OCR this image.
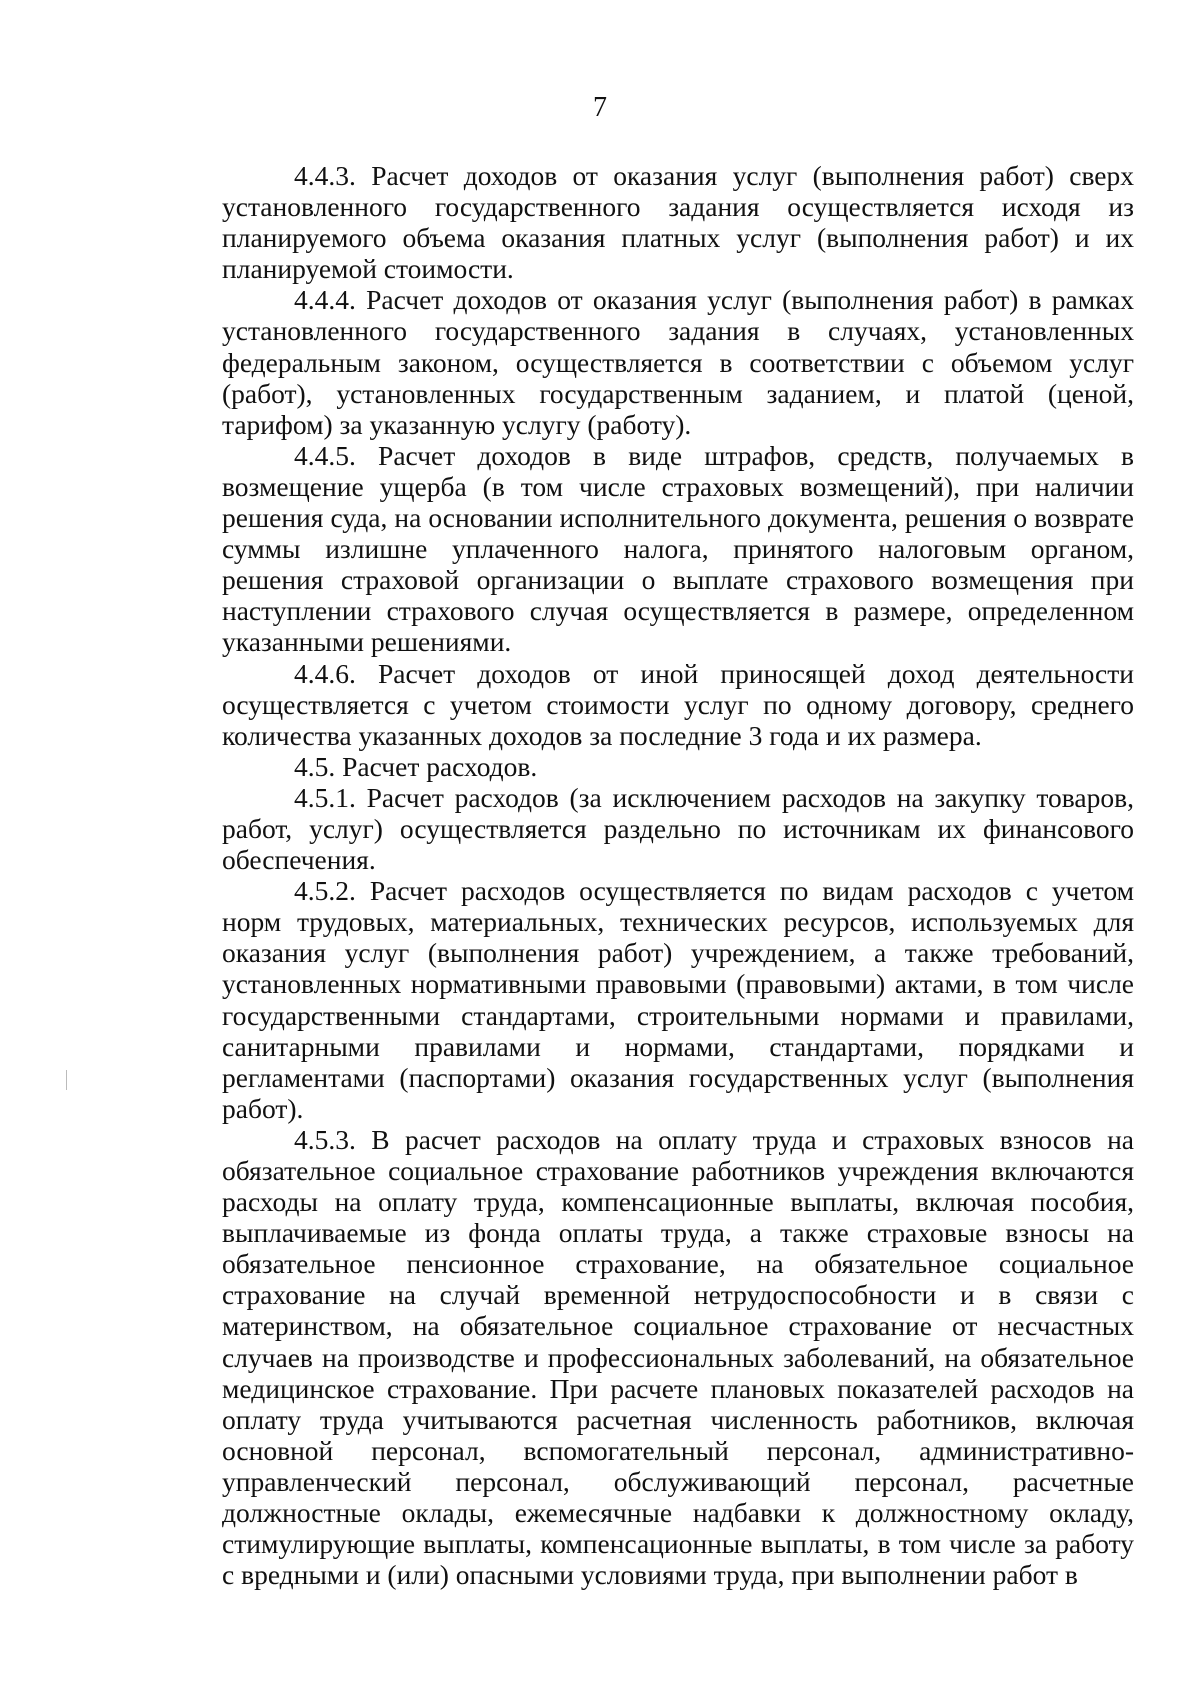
7

4.4.3. Расчет доходов от оказания услуг (выполнения работ) сверх установленного государственного задания осуществляется исходя из планируемого объема оказания платных услуг (выполнения работ) и их планируемой стоимости.

4.4.4. Расчет доходов от оказания услуг (выполнения работ) в рамках установленного государственного задания в случаях, установленных федеральным законом, осуществляется в соответствии с объемом услуг (работ), установленных государственным заданием, и платой (ценой, тарифом) за указанную услугу (работу).

4.4.5. Расчет доходов в виде штрафов, средств, получаемых в возмещение ущерба (в том числе страховых возмещений), при наличии решения суда, на основании исполнительного документа, решения о возврате суммы излишне уплаченного налога, принятого налоговым органом, решения страховой организации о выплате страхового возмещения при наступлении страхового случая осуществляется в размере, определенном указанными решениями.

4.4.6. Расчет доходов от иной приносящей доход деятельности осуществляется с учетом стоимости услуг по одному договору, среднего количества указанных доходов за последние 3 года и их размера.

4.5. Расчет расходов.

4.5.1. Расчет расходов (за исключением расходов на закупку товаров, работ, услуг) осуществляется раздельно по источникам их финансового обеспечения.

4.5.2. Расчет расходов осуществляется по видам расходов с учетом норм трудовых, материальных, технических ресурсов, используемых для оказания услуг (выполнения работ) учреждением, а также требований, установленных нормативными правовыми (правовыми) актами, в том числе государственными стандартами, строительными нормами и правилами, санитарными правилами и нормами, стандартами, порядками и регламентами (паспортами) оказания государственных услуг (выполнения работ).

4.5.3. В расчет расходов на оплату труда и страховых взносов на обязательное социальное страхование работников учреждения включаются расходы на оплату труда, компенсационные выплаты, включая пособия, выплачиваемые из фонда оплаты труда, а также страховые взносы на обязательное пенсионное страхование, на обязательное социальное страхование на случай временной нетрудоспособности и в связи с материнством, на обязательное социальное страхование от несчастных случаев на производстве и профессиональных заболеваний, на обязательное медицинское страхование. При расчете плановых показателей расходов на оплату труда учитываются расчетная численность работников, включая основной персонал, вспомогательный персонал, административно-управленческий персонал, обслуживающий персонал, расчетные должностные оклады, ежемесячные надбавки к должностному окладу, стимулирующие выплаты, компенсационные выплаты, в том числе за работу с вредными и (или) опасными условиями труда, при выполнении работ в
